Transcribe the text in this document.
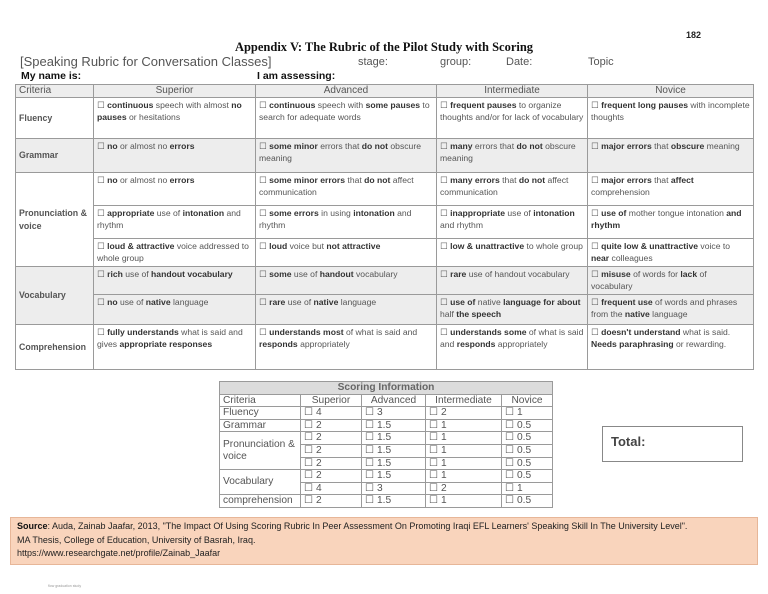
182
Appendix V: The Rubric of the Pilot Study with Scoring
[Speaking Rubric for Conversation Classes]	stage:	group:	Date:	Topic
My name is:	I am assessing:
Criteria	Superior	Advanced	Intermediate	Novice
Fluency	☐ continuous speech with almost no pauses or hesitations	☐ continuous speech with some pauses to search for adequate words	☐ frequent pauses to organize thoughts and/or for lack of vocabulary	☐ frequent long pauses with incomplete thoughts
Grammar	☐ no or almost no errors	☐ some minor errors that do not obscure meaning	☐ many errors that do not obscure meaning	☐ major errors that obscure meaning
Pronunciation & voice	☐ no or almost no errors	☐ some minor errors that do not affect communication	☐ many errors that do not affect communication	☐ major errors that affect comprehension
	☐ appropriate use of intonation and rhythm	☐ some errors in using intonation and rhythm	☐ inappropriate use of intonation and rhythm	☐ use of mother tongue intonation and rhythm
	☐ loud & attractive voice addressed to whole group	☐ loud voice but not attractive	☐ low & unattractive to whole group	☐ quite low & unattractive voice to near colleagues
Vocabulary	☐ rich use of handout vocabulary	☐ some use of handout vocabulary	☐ rare use of handout vocabulary	☐ misuse of words for lack of vocabulary
	☐ no use of native language	☐ rare use of native language	☐ use of native language for about half the speech	☐ frequent use of words and phrases from the native language
Comprehension	☐ fully understands what is said and gives appropriate responses	☐ understands most of what is said and responds appropriately	☐ understands some of what is said and responds appropriately	☐ doesn't understand what is said. Needs paraphrasing or rewarding.
Scoring Information				
Criteria	Superior	Advanced	Intermediate	Novice
Fluency	☐ 4	☐ 3	☐ 2	☐ 1
Grammar	☐ 2	☐ 1.5	☐ 1	☐ 0.5
Pronunciation & voice	☐ 2	☐ 1.5	☐ 1	☐ 0.5
	☐ 2	☐ 1.5	☐ 1	☐ 0.5
	☐ 2	☐ 1.5	☐ 1	☐ 0.5
Vocabulary	☐ 2	☐ 1.5	☐ 1	☐ 0.5
	☐ 4	☐ 3	☐ 2	☐ 1
comprehension	☐ 2	☐ 1.5	☐ 1	☐ 0.5
Total:
Source: Auda, Zainab Jaafar, 2013, "The Impact Of Using Scoring Rubric In Peer Assessment On Promoting Iraqi EFL Learners' Speaking Skill In The University Level".
MA Thesis, College of Education, University of Basrah, Iraq.
https://www.researchgate.net/profile/Zainab_Jaafar
flow graduation study
